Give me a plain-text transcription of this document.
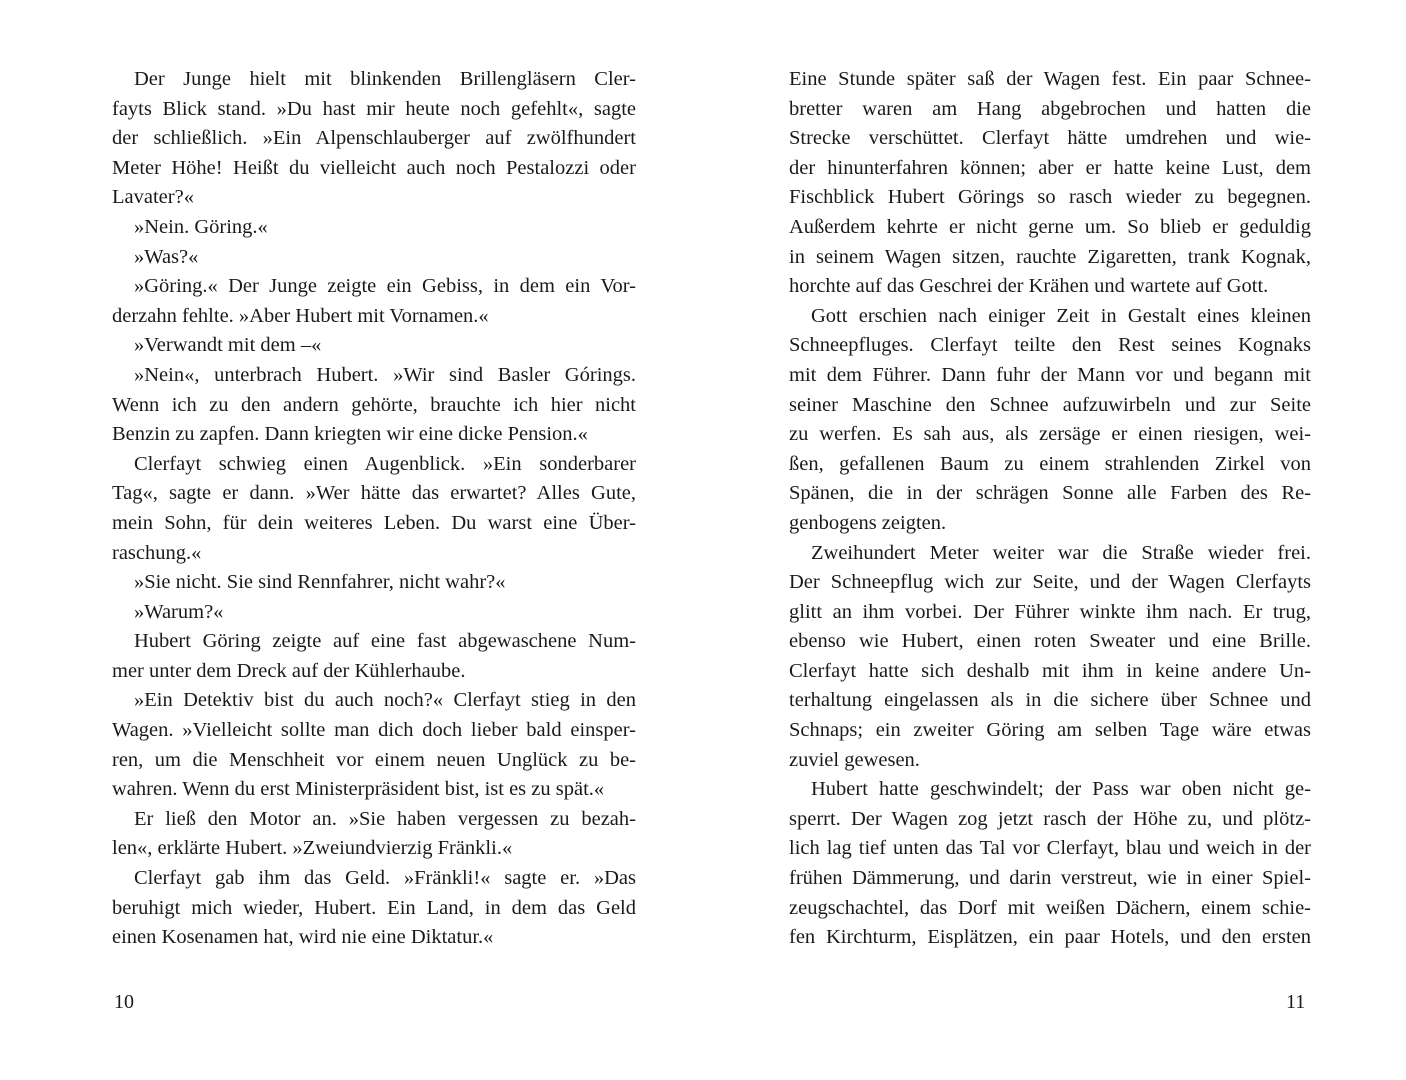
Der Junge hielt mit blinkenden Brillengläsern Cler-
fayts Blick stand. »Du hast mir heute noch gefehlt«, sagte
der schließlich. »Ein Alpenschlauberger auf zwölfhundert
Meter Höhe! Heißt du vielleicht auch noch Pestalozzi oder
Lavater?«
»Nein. Göring.«
»Was?«
»Göring.« Der Junge zeigte ein Gebiss, in dem ein Vor-
derzahn fehlte. »Aber Hubert mit Vornamen.«
»Verwandt mit dem –«
»Nein«, unterbrach Hubert. »Wir sind Basler Górings.
Wenn ich zu den andern gehörte, brauchte ich hier nicht
Benzin zu zapfen. Dann kriegten wir eine dicke Pension.«
Clerfayt schwieg einen Augenblick. »Ein sonderbarer
Tag«, sagte er dann. »Wer hätte das erwartet? Alles Gute,
mein Sohn, für dein weiteres Leben. Du warst eine Über-
raschung.«
»Sie nicht. Sie sind Rennfahrer, nicht wahr?«
»Warum?«
Hubert Göring zeigte auf eine fast abgewaschene Num-
mer unter dem Dreck auf der Kühlerhaube.
»Ein Detektiv bist du auch noch?« Clerfayt stieg in den
Wagen. »Vielleicht sollte man dich doch lieber bald einsper-
ren, um die Menschheit vor einem neuen Unglück zu be-
wahren. Wenn du erst Ministerpräsident bist, ist es zu spät.«
Er ließ den Motor an. »Sie haben vergessen zu bezah-
len«, erklärte Hubert. »Zweiundvierzig Fränkli.«
Clerfayt gab ihm das Geld. »Fränkli!« sagte er. »Das
beruhigt mich wieder, Hubert. Ein Land, in dem das Geld
einen Kosenamen hat, wird nie eine Diktatur.«
10
Eine Stunde später saß der Wagen fest. Ein paar Schnee-
bretter waren am Hang abgebrochen und hatten die
Strecke verschüttet. Clerfayt hätte umdrehen und wie-
der hinunterfahren können; aber er hatte keine Lust, dem
Fischblick Hubert Görings so rasch wieder zu begegnen.
Außerdem kehrte er nicht gerne um. So blieb er geduldig
in seinem Wagen sitzen, rauchte Zigaretten, trank Kognak,
horchte auf das Geschrei der Krähen und wartete auf Gott.
Gott erschien nach einiger Zeit in Gestalt eines kleinen
Schneepfluges. Clerfayt teilte den Rest seines Kognaks
mit dem Führer. Dann fuhr der Mann vor und begann mit
seiner Maschine den Schnee aufzuwirbeln und zur Seite
zu werfen. Es sah aus, als zersäge er einen riesigen, wei-
ßen, gefallenen Baum zu einem strahlenden Zirkel von
Spänen, die in der schrägen Sonne alle Farben des Re-
genbogens zeigten.
Zweihundert Meter weiter war die Straße wieder frei.
Der Schneepflug wich zur Seite, und der Wagen Clerfayts
glitt an ihm vorbei. Der Führer winkte ihm nach. Er trug,
ebenso wie Hubert, einen roten Sweater und eine Brille.
Clerfayt hatte sich deshalb mit ihm in keine andere Un-
terhaltung eingelassen als in die sichere über Schnee und
Schnaps; ein zweiter Göring am selben Tage wäre etwas
zuviel gewesen.
Hubert hatte geschwindelt; der Pass war oben nicht ge-
sperrt. Der Wagen zog jetzt rasch der Höhe zu, und plötz-
lich lag tief unten das Tal vor Clerfayt, blau und weich in der
frühen Dämmerung, und darin verstreut, wie in einer Spiel-
zeugschachtel, das Dorf mit weißen Dächern, einem schie-
fen Kirchturm, Eisplätzen, ein paar Hotels, und den ersten
11
